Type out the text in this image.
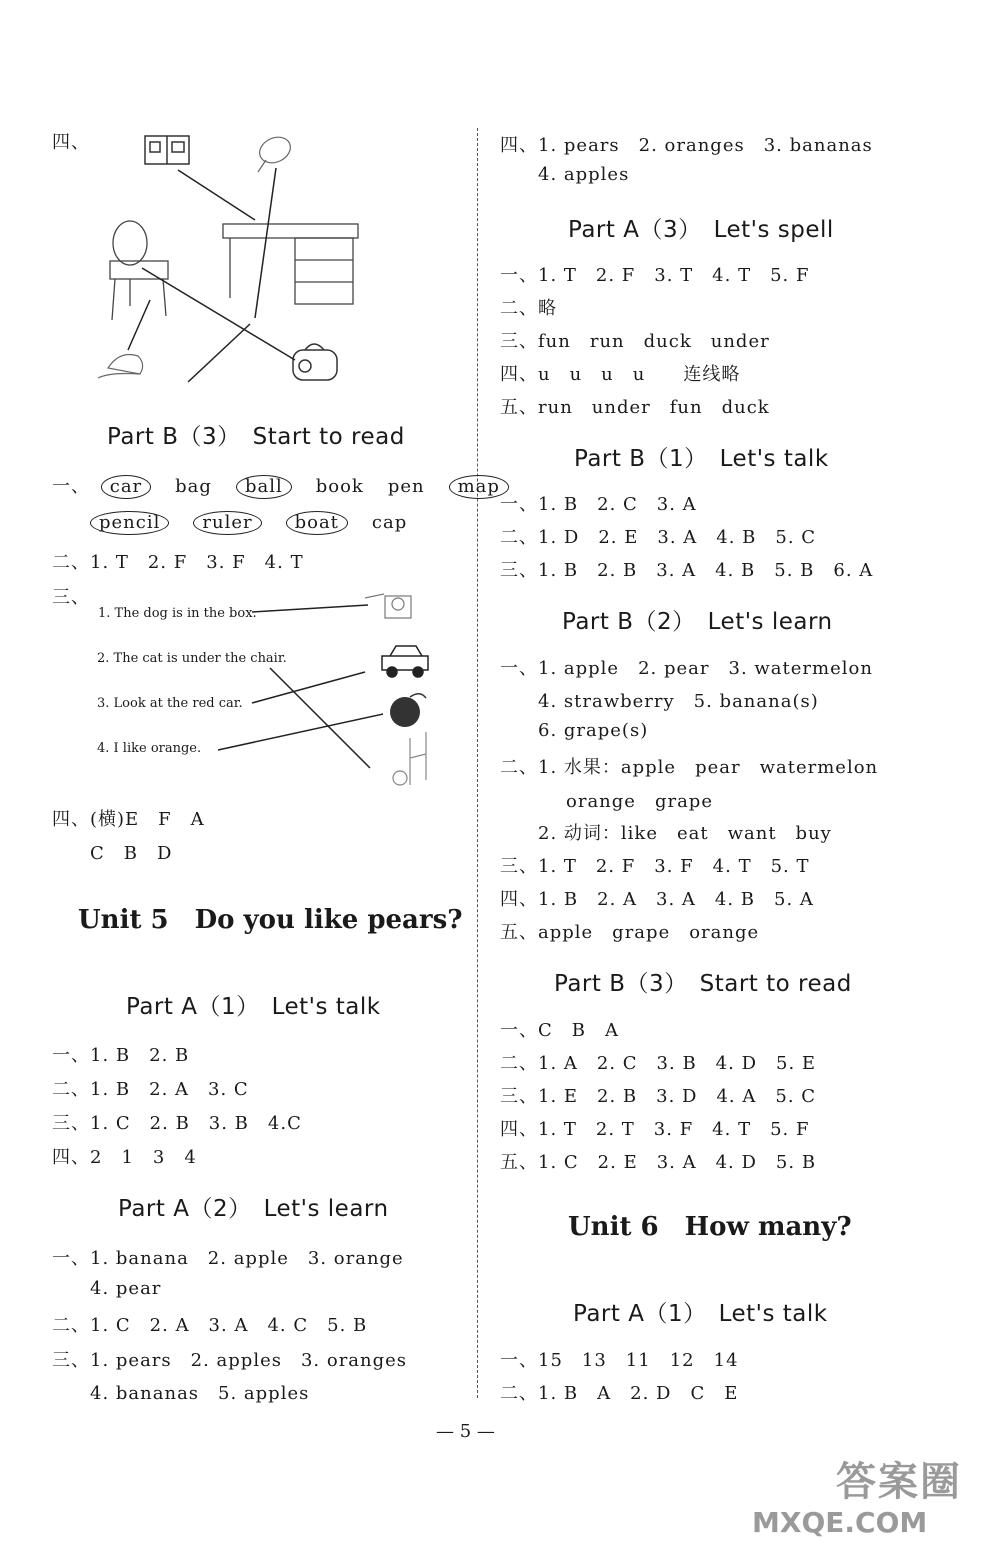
四、
Part B（3）　Start to read
一、 car bag ball book pen map
pencil ruler boat cap
二、1. T　2. F　3. F　4. T
三、
1. The dog is in the box.
2. The cat is under the chair.
3. Look at the red car.
4. I like orange.
四、(横)E　F　A
C　B　D
Unit 5　Do you like pears?
Part A（1）　Let's talk
一、1. B　2. B
二、1. B　2. A　3. C
三、1. C　2. B　3. B　4.C
四、2　1　3　4
Part A（2）　Let's learn
一、1. banana　2. apple　3. orange
4. pear
二、1. C　2. A　3. A　4. C　5. B
三、1. pears　2. apples　3. oranges
4. bananas　5. apples
四、1. pears　2. oranges　3. bananas
4. apples
Part A（3）　Let's spell
一、1. T　2. F　3. T　4. T　5. F
二、略
三、fun　run　duck　under
四、u　u　u　u　　连线略
五、run　under　fun　duck
Part B（1）　Let's talk
一、1. B　2. C　3. A
二、1. D　2. E　3. A　4. B　5. C
三、1. B　2. B　3. A　4. B　5. B　6. A
Part B（2）　Let's learn
一、1. apple　2. pear　3. watermelon
4. strawberry　5. banana(s)
6. grape(s)
二、1. 水果：apple　pear　watermelon
orange　grape
2. 动词：like　eat　want　buy
三、1. T　2. F　3. F　4. T　5. T
四、1. B　2. A　3. A　4. B　5. A
五、apple　grape　orange
Part B（3）　Start to read
一、C　B　A
二、1. A　2. C　3. B　4. D　5. E
三、1. E　2. B　3. D　4. A　5. C
四、1. T　2. T　3. F　4. T　5. F
五、1. C　2. E　3. A　4. D　5. B
Unit 6　How many?
Part A（1）　Let's talk
一、15　13　11　12　14
二、1. B　A　2. D　C　E
— 5 —
答案圈
MXQE.COM
